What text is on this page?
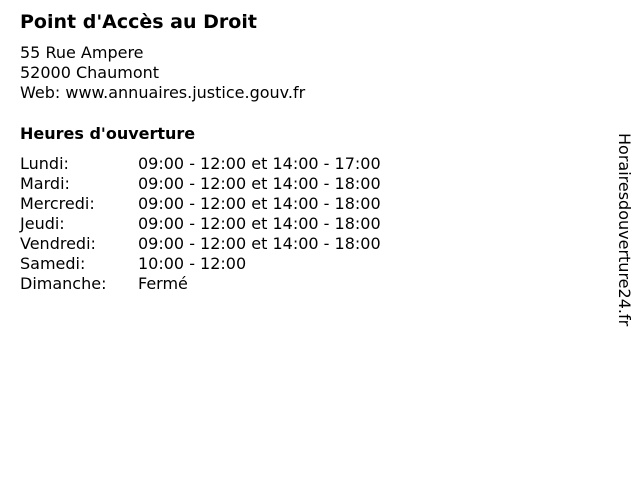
Point d'Accès au Droit
55 Rue Ampere
52000 Chaumont
Web: www.annuaires.justice.gouv.fr
Heures d'ouverture
Lundi:	09:00 - 12:00 et 14:00 - 17:00
Mardi:	09:00 - 12:00 et 14:00 - 18:00
Mercredi:	09:00 - 12:00 et 14:00 - 18:00
Jeudi:	09:00 - 12:00 et 14:00 - 18:00
Vendredi:	09:00 - 12:00 et 14:00 - 18:00
Samedi:	10:00 - 12:00
Dimanche:	Fermé	Horairesdouverture24.fr
